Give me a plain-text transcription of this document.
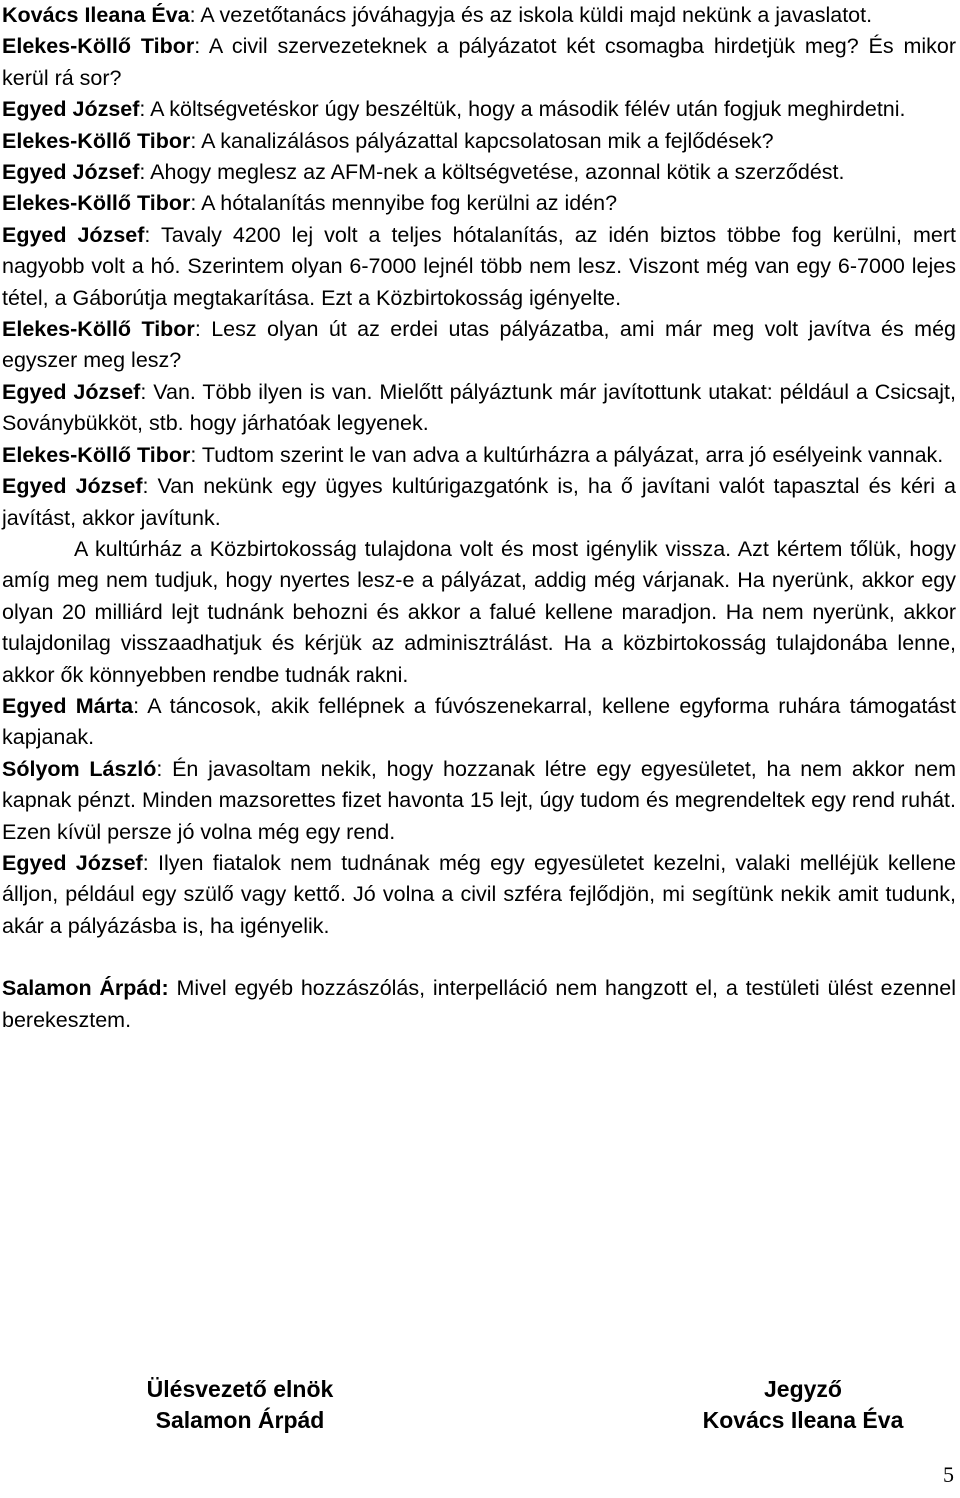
Kovács Ileana Éva: A vezetőtanács jóváhagyja és az iskola küldi majd nekünk a javaslatot.

Elekes-Köllő Tibor: A civil szervezeteknek a pályázatot két csomagba hirdetjük meg? És mikor kerül rá sor?

Egyed József: A költségvetéskor úgy beszéltük, hogy a második félév után fogjuk meghirdetni.

Elekes-Köllő Tibor: A kanalizálásos pályázattal kapcsolatosan mik a fejlődések?

Egyed József: Ahogy meglesz az AFM-nek a költségvetése, azonnal kötik a szerződést.

Elekes-Köllő Tibor: A hótalanítás mennyibe fog kerülni az idén?

Egyed József: Tavaly 4200 lej volt a teljes hótalanítás, az idén biztos többe fog kerülni, mert nagyobb volt a hó. Szerintem olyan 6-7000 lejnél több nem lesz. Viszont még van egy 6-7000 lejes tétel, a Gáborútja megtakarítása. Ezt a Közbirtokosság igényelte.

Elekes-Köllő Tibor: Lesz olyan út az erdei utas pályázatba, ami már meg volt javítva és még egyszer meg lesz?

Egyed József: Van. Több ilyen is van. Mielőtt pályáztunk már javítottunk utakat: például a Csicsajt, Soványbükköt, stb. hogy járhatóak legyenek.

Elekes-Köllő Tibor: Tudtom szerint le van adva a kultúrházra a pályázat, arra jó esélyeink vannak.

Egyed József: Van nekünk egy ügyes kultúrigazgatónk is, ha ő javítani valót tapasztal és kéri a javítást, akkor javítunk.

A kultúrház a Közbirtokosság tulajdona volt és most igénylik vissza. Azt kértem tőlük, hogy amíg meg nem tudjuk, hogy nyertes lesz-e a pályázat, addig még várjanak. Ha nyerünk, akkor egy olyan 20 milliárd lejt tudnánk behozni és akkor a falué kellene maradjon. Ha nem nyerünk, akkor tulajdonilag visszaadhatjuk és kérjük az adminisztrálást. Ha a közbirtokosság tulajdonába lenne, akkor ők könnyebben rendbe tudnák rakni.

Egyed Márta: A táncosok, akik fellépnek a fúvószenekarral, kellene egyforma ruhára támogatást kapjanak.

Sólyom László: Én javasoltam nekik, hogy hozzanak létre egy egyesületet, ha nem akkor nem kapnak pénzt. Minden mazsorettes fizet havonta 15 lejt, úgy tudom és megrendeltek egy rend ruhát. Ezen kívül persze jó volna még egy rend.

Egyed József: Ilyen fiatalok nem tudnának még egy egyesületet kezelni, valaki melléjük kellene álljon, például egy szülő vagy kettő. Jó volna a civil szféra fejlődjön, mi segítünk nekik amit tudunk, akár a pályázásba is, ha igényelik.

Salamon Árpád: Mivel egyéb hozzászólás, interpelláció nem hangzott el, a testületi ülést ezennel berekesztem.

Ülésvezető elnök
Salamon Árpád
Jegyző
Kovács Ileana Éva
5
